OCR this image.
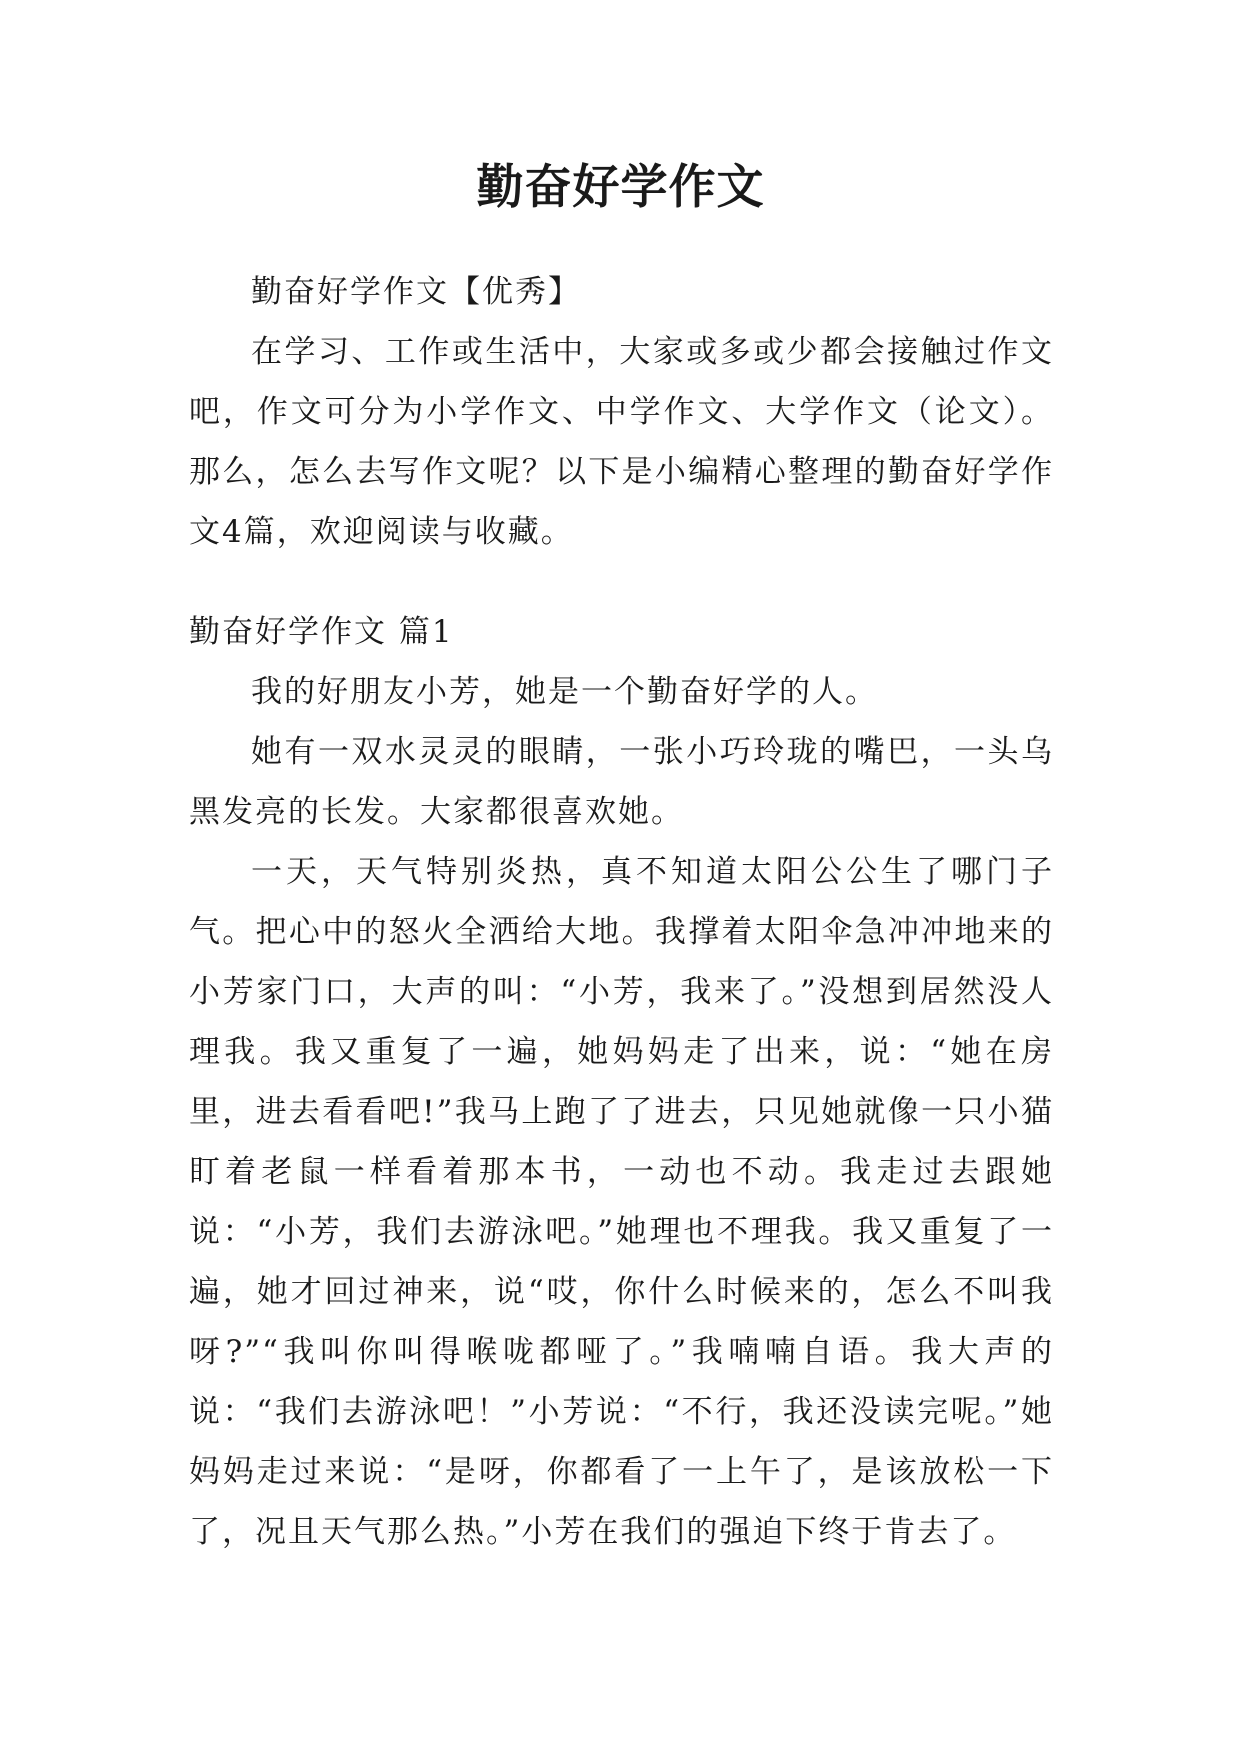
勤奋好学作文

勤奋好学作文【优秀】

在学习、工作或生活中，大家或多或少都会接触过作文吧，作文可分为小学作文、中学作文、大学作文（论文）。那么，怎么去写作文呢？以下是小编精心整理的勤奋好学作文4篇，欢迎阅读与收藏。

勤奋好学作文 篇1

我的好朋友小芳，她是一个勤奋好学的人。

她有一双水灵灵的眼睛，一张小巧玲珑的嘴巴，一头乌黑发亮的长发。大家都很喜欢她。

一天，天气特别炎热，真不知道太阳公公生了哪门子气。把心中的怒火全洒给大地。我撑着太阳伞急冲冲地来的小芳家门口，大声的叫：“小芳，我来了。”没想到居然没人理我。我又重复了一遍，她妈妈走了出来，说：“她在房里，进去看看吧!”我马上跑了了进去，只见她就像一只小猫盯着老鼠一样看着那本书，一动也不动。我走过去跟她说：“小芳，我们去游泳吧。”她理也不理我。我又重复了一遍，她才回过神来，说“哎，你什么时候来的，怎么不叫我呀?”“我叫你叫得喉咙都哑了。”我喃喃自语。我大声的说：“我们去游泳吧！”小芳说：“不行，我还没读完呢。”她妈妈走过来说：“是呀，你都看了一上午了，是该放松一下了，况且天气那么热。”小芳在我们的强迫下终于肯去了。
